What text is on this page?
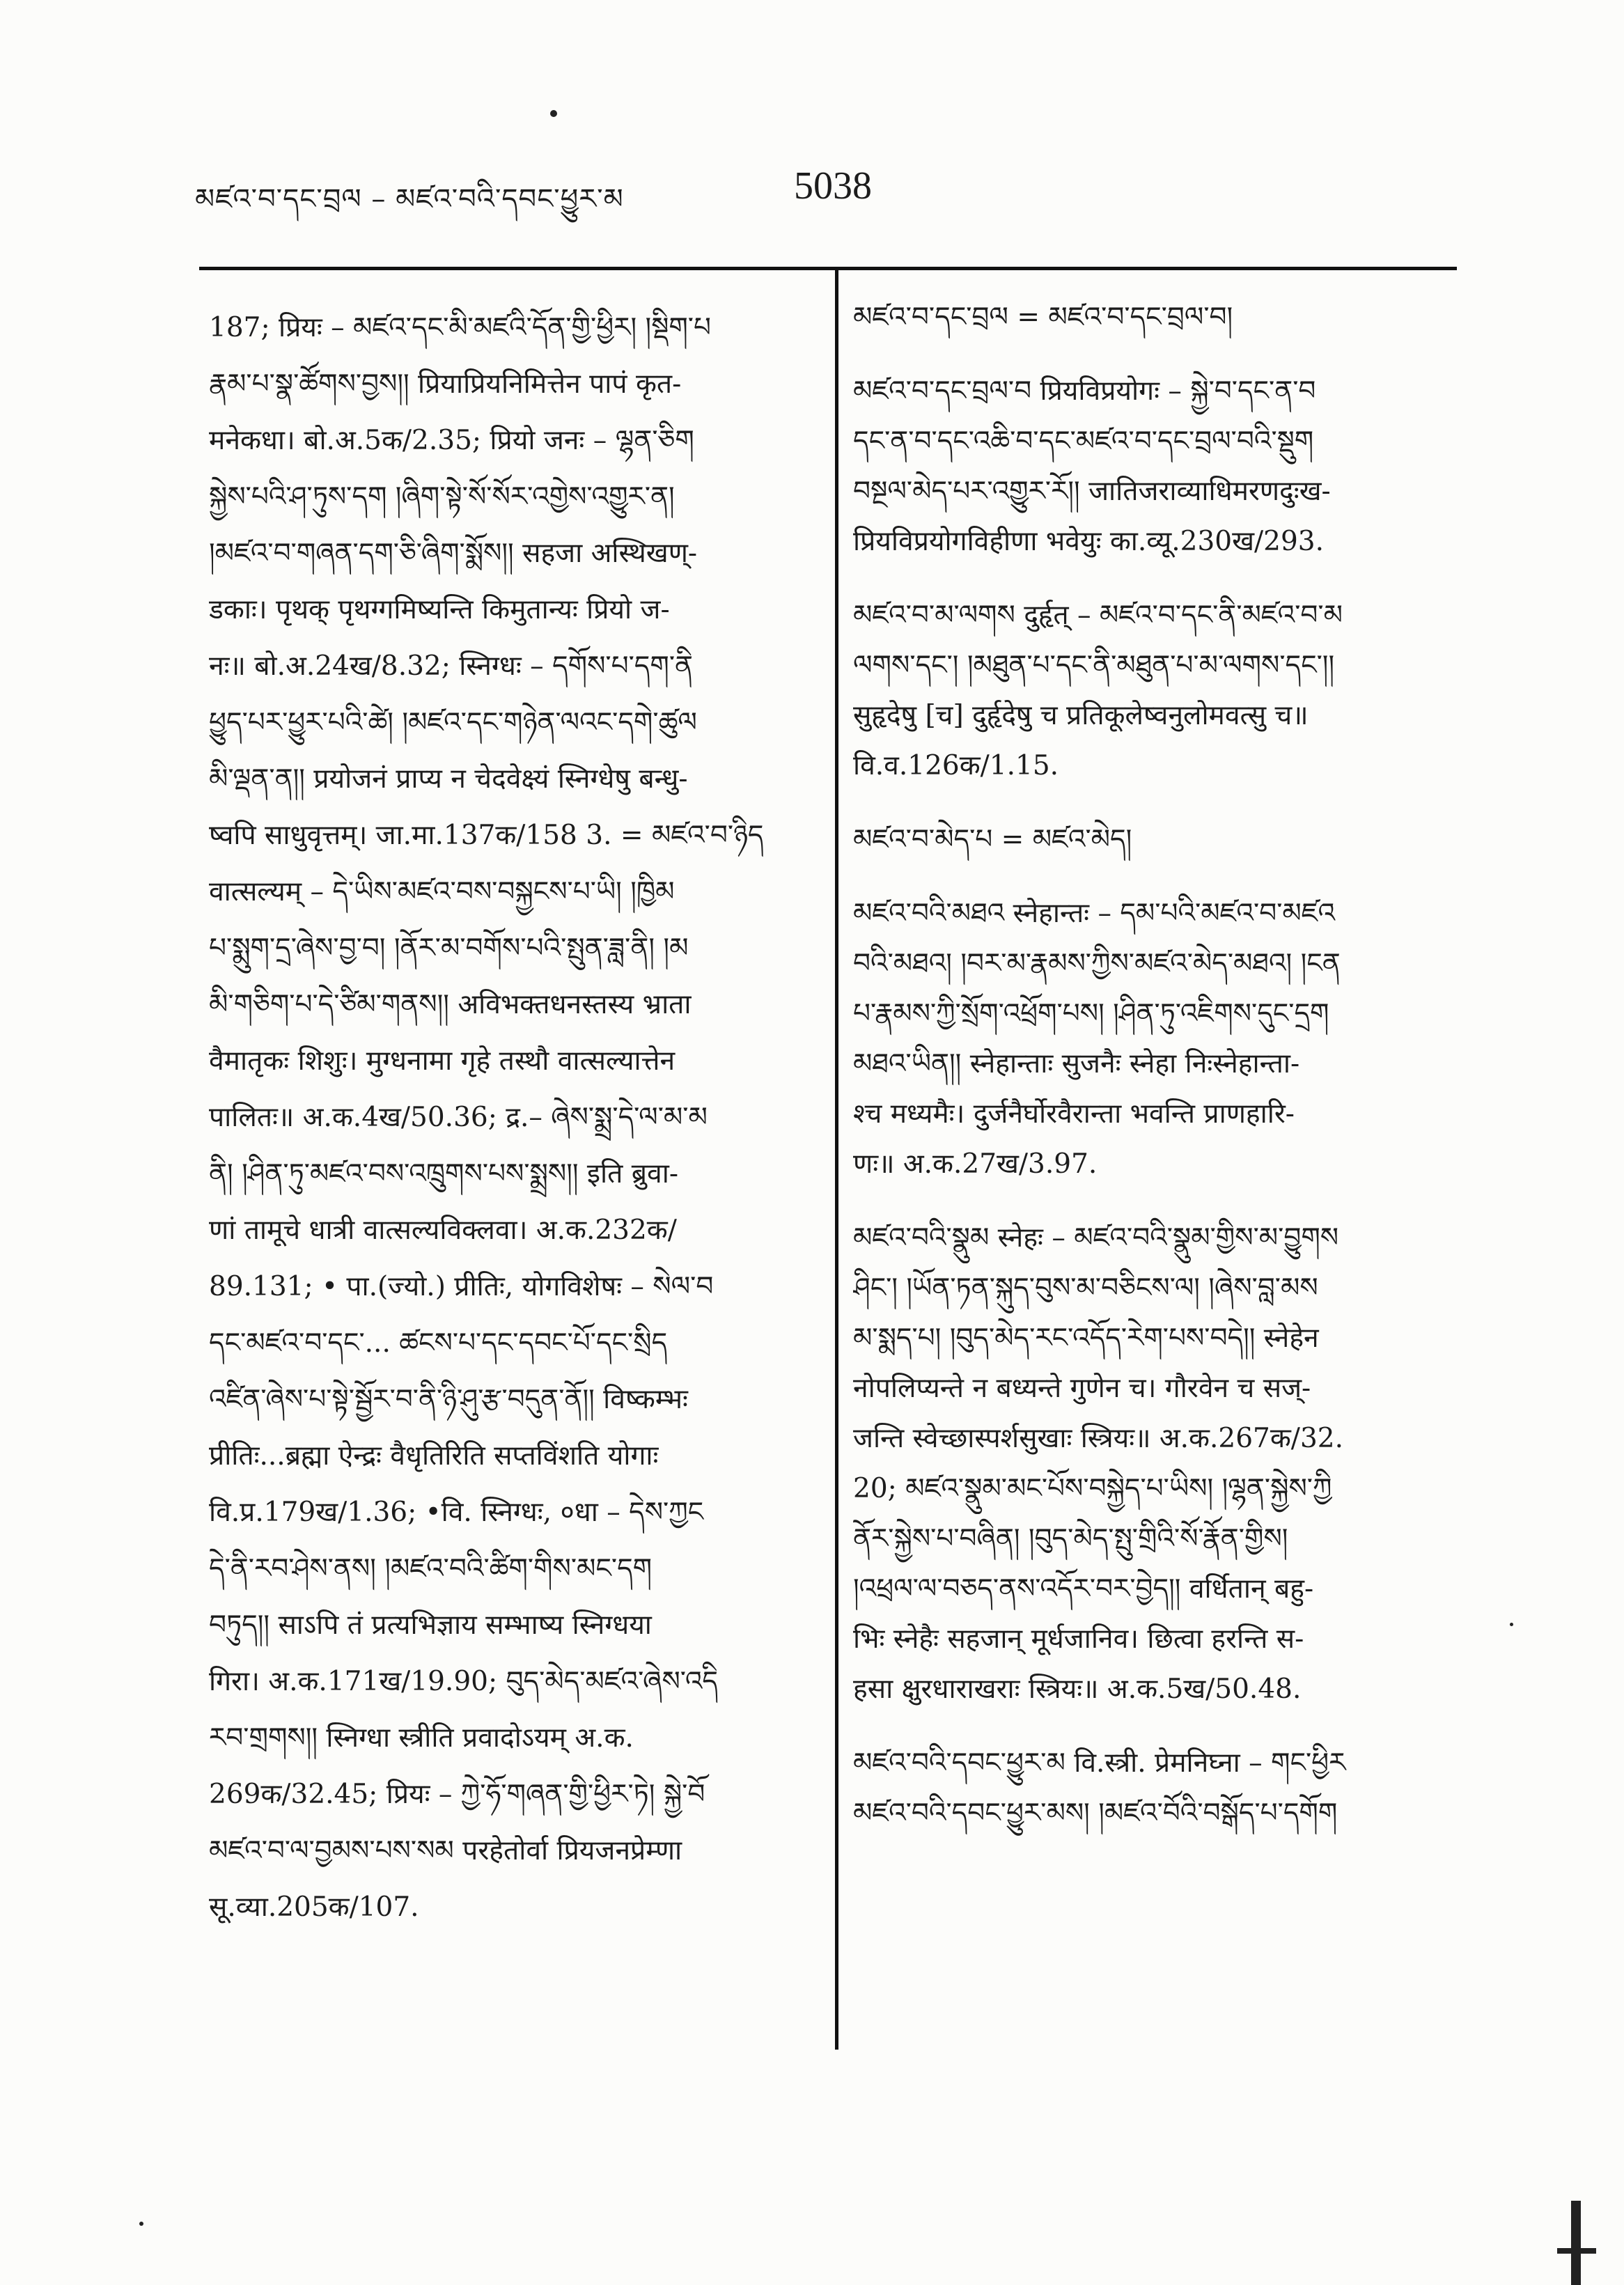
མཛའ་བ་དང་བྲལ – མཛའ་བའི་དབང་ཕྱུར་མ	5038
187; प्रियः – མཛའ་དང་མི་མཛའི་དོན་གྱི་ཕྱིར། །སྡིག་པ
རྣམ་པ་སྣ་ཚོགས་བྱས།། प्रियाप्रियनिमित्तेन पापं कृत-
मनेकधा। बो.अ.5क/2.35; प्रियो जनः – ལྷན་ཅིག
སྐྱེས་པའི་ཤ་ཏུས་དག །ཞིག་སྟེ་སོ་སོར་འགྱེས་འགྱུར་ན།
།མཛའ་བ་གཞན་དག་ཅི་ཞིག་སྨོས།། सहजा अस्थिखण्-
डकाः। पृथक् पृथग्गमिष्यन्ति किमुतान्यः प्रियो ज-
नः॥ बो.अ.24ख/8.32; स्निग्धः – དགོས་པ་དག་ནི
ཕྱུད་པར་ཕྱུར་པའི་ཚེ། །མཛའ་དང་གཉེན་ལའང་དགེ་ཚུལ
མི་ལྡན་ན།། प्रयोजनं प्राप्य न चेदवेक्ष्यं स्निग्धेषु बन्धु-
ष्वपि साधुवृत्तम्। जा.मा.137क/158 3. = མཛའ་བ་ཉིད
वात्सल्यम् – དེ་ཡིས་མཛའ་བས་བསྐྱངས་པ་ཡི། །ཁྱིམ
པ་སྨུག་དྲ་ཞེས་བྱ་བ། །ནོར་མ་བགོས་པའི་སྤུན་ཟླ་ནི། །མ
མི་གཅིག་པ་དེ་ཙིམ་གནས།། अविभक्तधनस्तस्य भ्राता
वैमातृकः शिशुः। मुग्धनामा गृहे तस्थौ वात्सल्यात्तेन
पालितः॥ अ.क.4ख/50.36; द्र.– ཞེས་སྨྲ་དེ་ལ་མ་མ
ནི། །ཤིན་ཏུ་མཛའ་བས་འཁྲུགས་པས་སྨྲས།། इति ब्रुवा-
णां तामूचे धात्री वात्सल्यविक्लवा। अ.क.232क/
89.131; • पा.(ज्यो.) प्रीतिः, योगविशेषः – སེལ་བ
དང་མཛའ་བ་དང་... ཚངས་པ་དང་དབང་པོ་དང་སྲིད
འཛིན་ཞེས་པ་སྟེ་སྦྱོར་བ་ནི་ཉི་ཤུ་རྩ་བདུན་ནོ།། विष्कम्भः
प्रीतिः...ब्रह्मा ऐन्द्रः वैधृतिरिति सप्तविंशति योगाः
वि.प्र.179ख/1.36; •वि. स्निग्धः, ०धा – དེས་ཀྱང
དེ་ནི་རབ་ཤེས་ནས། །མཛའ་བའི་ཚིག་གིས་མང་དག
བཏུད།། साऽपि तं प्रत्यभिज्ञाय सम्भाष्य स्निग्धया
गिरा। अ.क.171ख/19.90; བུད་མེད་མཛའ་ཞེས་འདི
རབ་གྲགས།། स्निग्धा स्त्रीति प्रवादोऽयम् अ.क.
269क/32.45; प्रियः – ཀྱེ་ཧོ་གཞན་གྱི་ཕྱིར་ཏེ། སྐྱེ་བོ
མཛའ་བ་ལ་བྱམས་པས་སམ परहेतोर्वा प्रियजनप्रेम्णा
सू.व्या.205क/107.
མཛའ་བ་དང་བྲལ = མཛའ་བ་དང་བྲལ་བ།
མཛའ་བ་དང་བྲལ་བ प्रियविप्रयोगः – སྐྱེ་བ་དང་ན་བ
དང་ན་བ་དང་འཆི་བ་དང་མཛའ་བ་དང་བྲལ་བའི་སྡུག
བསྔལ་མེད་པར་འགྱུར་རོ།། जातिजराव्याधिमरणदुःख-
प्रियविप्रयोगविहीणा भवेयुः का.व्यू.230ख/293.
མཛའ་བ་མ་ལགས दुर्हृत् – མཛའ་བ་དང་ནི་མཛའ་བ་མ
ལགས་དང་། །མཐུན་པ་དང་ནི་མཐུན་པ་མ་ལགས་དང་།།
सुहृदेषु [च] दुर्हृदेषु च प्रतिकूलेष्वनुलोमवत्सु च॥
वि.व.126क/1.15.
མཛའ་བ་མེད་པ = མཛའ་མེད།
མཛའ་བའི་མཐའ स्नेहान्तः – དམ་པའི་མཛའ་བ་མཛའ
བའི་མཐའ། །བར་མ་རྣམས་ཀྱིས་མཛའ་མེད་མཐའ། །ངན
པ་རྣམས་ཀྱི་སྲོག་འཕྲོག་པས། །ཤིན་ཏུ་འཇིགས་དུང་དྲག
མཐའ་ཡིན།། स्नेहान्ताः सुजनैः स्नेहा निःस्नेहान्ता-
श्च मध्यमैः। दुर्जनैर्घोरवैरान्ता भवन्ति प्राणहारि-
णः॥ अ.क.27ख/3.97.
མཛའ་བའི་སྣུམ स्नेहः – མཛའ་བའི་སྣུམ་གྱིས་མ་བྱུགས
ཤིང་། །ཡོན་ཏན་སྐུད་བུས་མ་བཅིངས་ལ། །ཞེས་བླ་མས
མ་སྨད་པ། །བུད་མེད་རང་འདོད་རེག་པས་བདེ།། स्नेहेन
नोपलिप्यन्ते न बध्यन्ते गुणेन च। गौरवेन च सज्-
जन्ति स्वेच्छास्पर्शसुखाः स्त्रियः॥ अ.क.267क/32.
20; མཛའ་སྣུམ་མང་པོས་བསྐྱེད་པ་ཡིས། །ལྷན་སྐྱེས་ཀྱི
ནོར་སྐྱེས་པ་བཞིན། །བུད་མེད་སྤུ་གྲིའི་སོ་རྣོན་གྱིས།
།འཕྲལ་ལ་བཅད་ནས་འདོར་བར་བྱེད།། वर्धितान् बहु-
भिः स्नेहैः सहजान् मूर्धजानिव। छित्वा हरन्ति स-
हसा क्षुरधाराखराः स्त्रियः॥ अ.क.5ख/50.48.
མཛའ་བའི་དབང་ཕྱུར་མ वि.स्त्री. प्रेमनिघ्ना – གང་ཕྱིར
མཛའ་བའི་དབང་ཕྱུར་མས། །མཛའ་བོའི་བསྒོད་པ་དགོག
